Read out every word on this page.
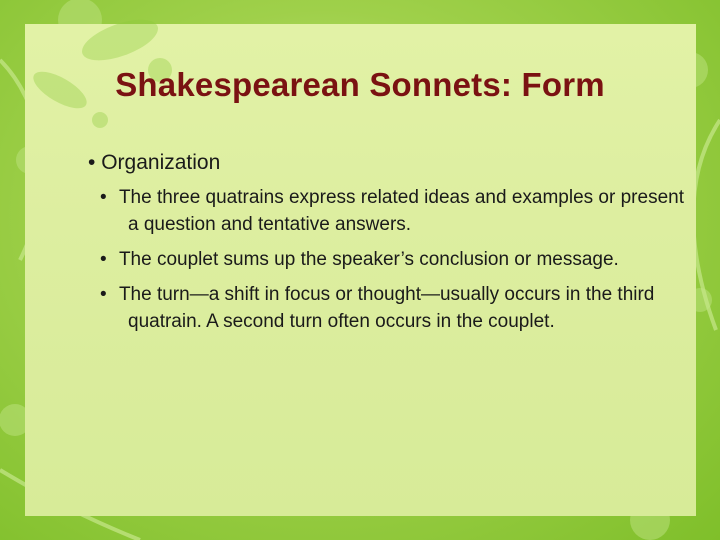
Shakespearean Sonnets: Form
• Organization
• The three quatrains express related ideas and examples or present a question and tentative answers.
• The couplet sums up the speaker’s conclusion or message.
• The turn—a shift in focus or thought—usually occurs in the third quatrain. A second turn often occurs in the couplet.
